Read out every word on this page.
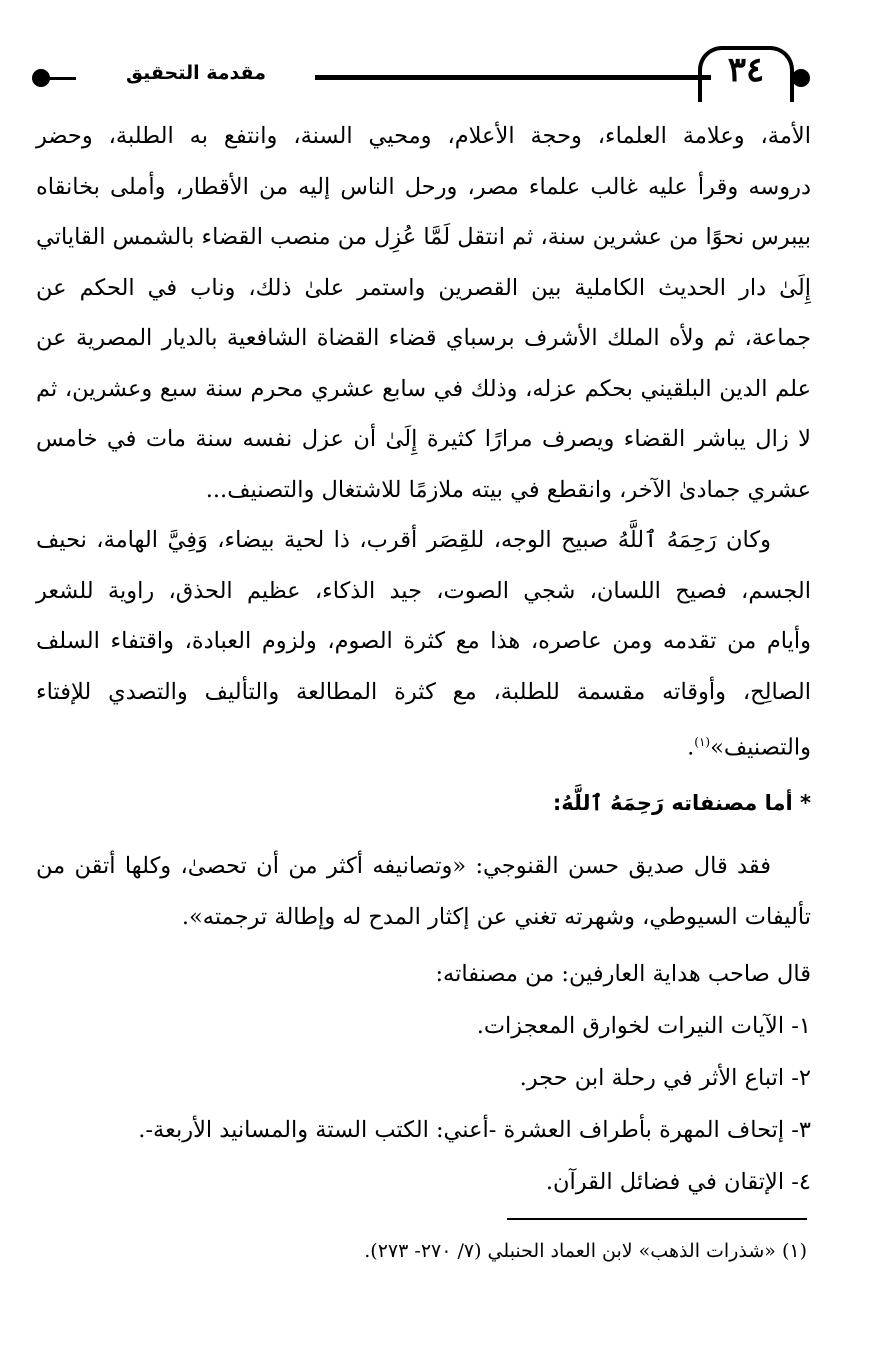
مقدمة التحقيق	٣٤

الأمة، وعلامة العلماء، وحجة الأعلام، ومحيي السنة، وانتفع به الطلبة، وحضر

دروسه وقرأ عليه غالب علماء مصر، ورحل الناس إليه من الأقطار، وأملى بخانقاه

بيبرس نحوًا من عشرين سنة، ثم انتقل لَمَّا عُزِل من منصب القضاء بالشمس القاياتي

إِلَىٰ دار الحديث الكاملية بين القصرين واستمر علىٰ ذلك، وناب في الحكم عن

جماعة، ثم ولأه الملك الأشرف برسباي قضاء القضاة الشافعية بالديار المصرية عن

علم الدين البلقيني بحكم عزله، وذلك في سابع عشري محرم سنة سبع وعشرين، ثم

لا زال يباشر القضاء ويصرف مرارًا كثيرة إِلَىٰ أن عزل نفسه سنة مات في خامس

عشري جمادىٰ الآخر، وانقطع في بيته ملازمًا للاشتغال والتصنيف...

وكان رَحِمَهُ ٱللَّهُ صبيح الوجه، للقِصَر أقرب، ذا لحية بيضاء، وَفِيَّ الهامة، نحيف

الجسم، فصيح اللسان، شجي الصوت، جيد الذكاء، عظيم الحذق، راوية للشعر

وأيام من تقدمه ومن عاصره، هذا مع كثرة الصوم، ولزوم العبادة، واقتفاء السلف

الصالِح، وأوقاته مقسمة للطلبة، مع كثرة المطالعة والتأليف والتصدي للإفتاء

والتصنيف»$^{(١)}$.

* أما مصنفاته رَحِمَهُ ٱللَّهُ:

فقد قال صديق حسن القنوجي: «وتصانيفه أكثر من أن تحصىٰ، وكلها أتقن من

تأليفات السيوطي، وشهرته تغني عن إكثار المدح له وإطالة ترجمته».

قال صاحب هداية العارفين: من مصنفاته:
١- الآيات النيرات لخوارق المعجزات.
٢- اتباع الأثر في رحلة ابن حجر.
٣- إتحاف المهرة بأطراف العشرة -أعني: الكتب الستة والمسانيد الأربعة-.
٤- الإتقان في فضائل القرآن.
(١) «شذرات الذهب» لابن العماد الحنبلي (٧/ ٢٧٠- ٢٧٣).
